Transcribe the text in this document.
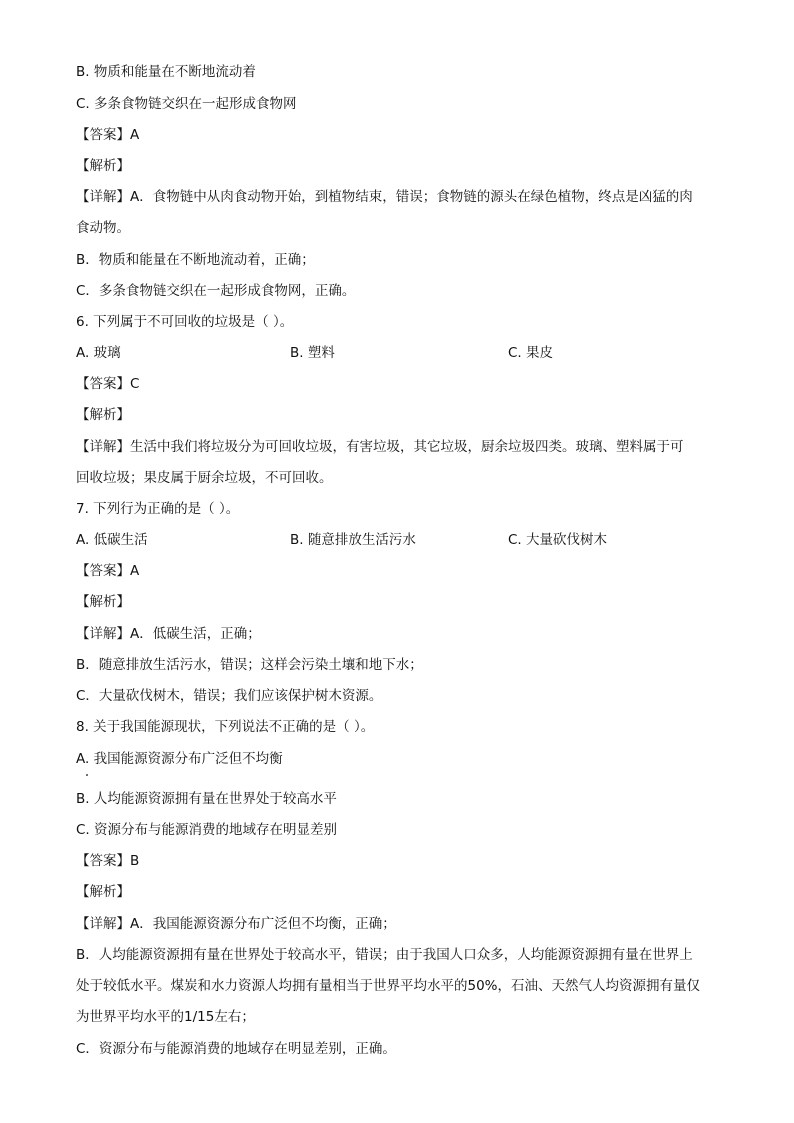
B. 物质和能量在不断地流动着
C. 多条食物链交织在一起形成食物网
【答案】A
【解析】
【详解】A．食物链中从肉食动物开始，到植物结束，错误；食物链的源头在绿色植物，终点是凶猛的肉
食动物。
B．物质和能量在不断地流动着，正确；
C．多条食物链交织在一起形成食物网，正确。
6. 下列属于不可回收的垃圾是（ ）。
A. 玻璃	B. 塑料	C. 果皮
【答案】C
【解析】
【详解】生活中我们将垃圾分为可回收垃圾，有害垃圾，其它垃圾，厨余垃圾四类。玻璃、塑料属于可
回收垃圾；果皮属于厨余垃圾，不可回收。
7. 下列行为正确的是（ ）。
A. 低碳生活	B. 随意排放生活污水	C. 大量砍伐树木
【答案】A
【解析】
【详解】A．低碳生活，正确；
B．随意排放生活污水，错误；这样会污染土壤和地下水；
C．大量砍伐树木，错误；我们应该保护树木资源。
8. 关于我国能源现状，下列说法不正确的是（ ）。
A. 我国能源资源分布广泛但不均衡
B. 人均能源资源拥有量在世界处于较高水平
C. 资源分布与能源消费的地域存在明显差别
【答案】B
【解析】
【详解】A．我国能源资源分布广泛但不均衡，正确；
B．人均能源资源拥有量在世界处于较高水平，错误；由于我国人口众多，人均能源资源拥有量在世界上
处于较低水平。煤炭和水力资源人均拥有量相当于世界平均水平的50%，石油、天然气人均资源拥有量仅
为世界平均水平的1/15左右；
C．资源分布与能源消费的地域存在明显差别，正确。
